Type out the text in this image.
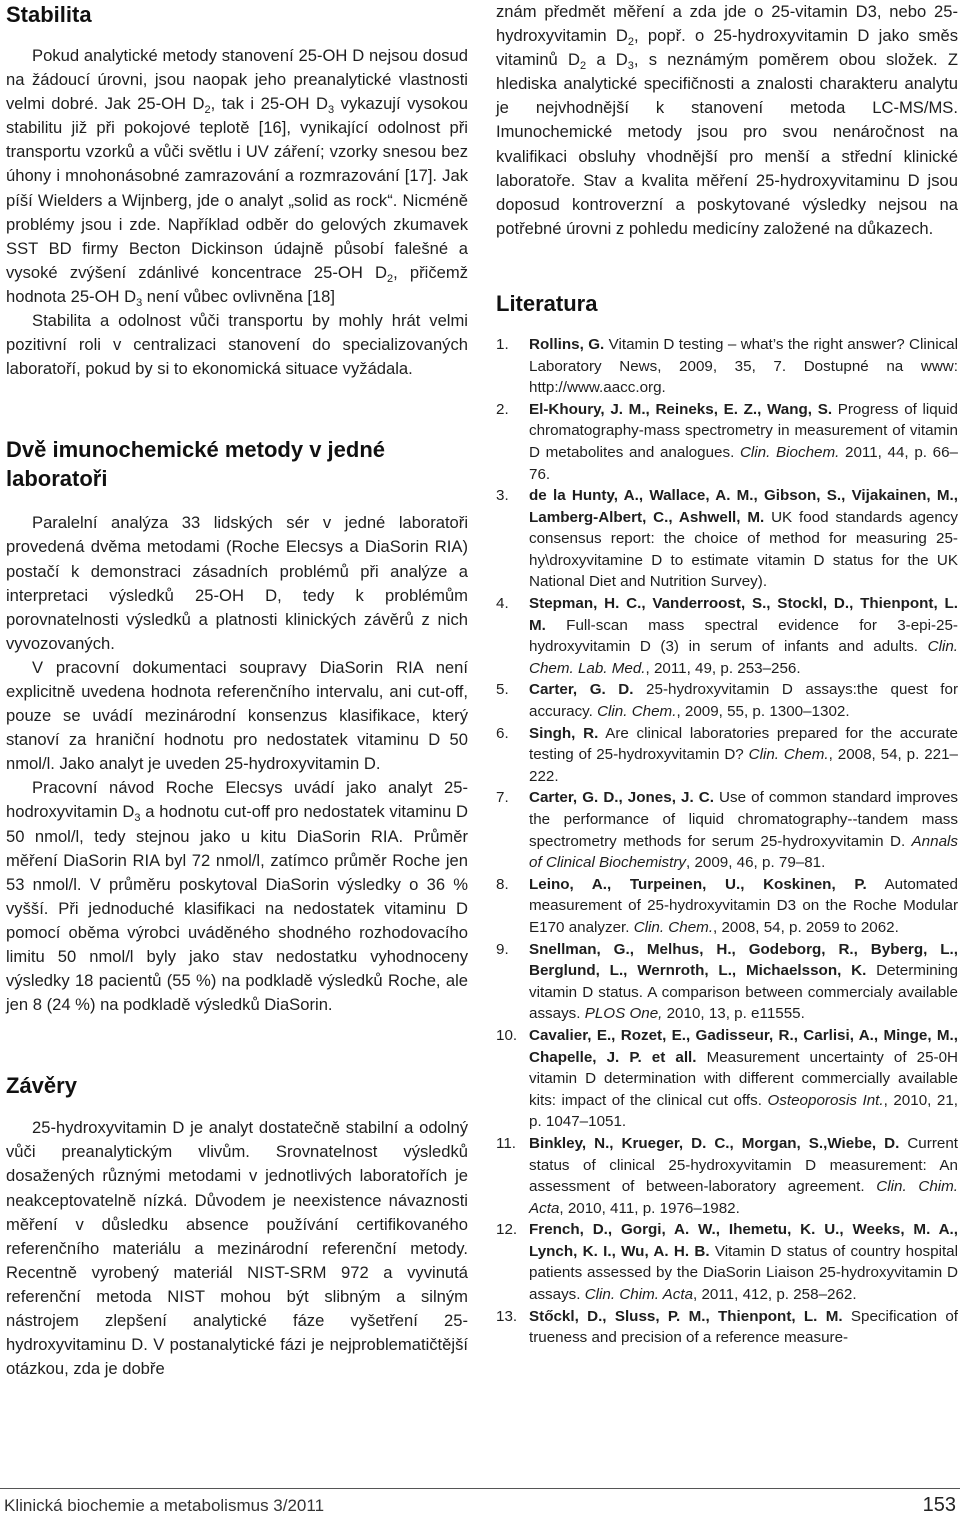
Stabilita

Pokud analytické metody stanovení 25-OH D nejsou dosud na žádoucí úrovni, jsou naopak jeho preanalytické vlastnosti velmi dobré. Jak 25-OH $D_2$, tak i 25-OH $D_3$ vykazují vysokou stabilitu již při pokojové teplotě [16], vynikající odolnost při transportu vzorků a vůči světlu i UV záření; vzorky snesou bez úhony i mnohonásobné zamrazování a rozmrazování [17]. Jak píší Wielders a Wijnberg, jde o analyt „solid as rock“. Nicméně problémy jsou i zde. Například odběr do gelových zkumavek SST BD firmy Becton Dickinson údajně působí falešné a vysoké zvýšení zdánlivé koncentrace 25-OH $D_2$, přičemž hodnota 25-OH $D_3$ není vůbec ovlivněna [18]

Stabilita a odolnost vůči transportu by mohly hrát velmi pozitivní roli v centralizaci stanovení do specializovaných laboratoří, pokud by si to ekonomická situace vyžádala.

Dvě imunochemické metody v jedné laboratoři

Paralelní analýza 33 lidských sér v jedné laboratoři provedená dvěma metodami (Roche Elecsys a DiaSorin RIA) postačí k demonstraci zásadních problémů při analýze a interpretaci výsledků 25-OH D, tedy k problémům porovnatelnosti výsledků a platnosti klinických závěrů z nich vyvozovaných.

V pracovní dokumentaci soupravy DiaSorin RIA není explicitně uvedena hodnota referenčního intervalu, ani cut-off, pouze se uvádí mezinárodní konsenzus klasifikace, který stanoví za hraniční hodnotu pro nedostatek vitaminu D 50 nmol/l. Jako analyt je uveden 25-hydroxyvitamin D.

Pracovní návod Roche Elecsys uvádí jako analyt 25-hodroxyvitamin $D_3$ a hodnotu cut-off pro nedostatek vitaminu D 50 nmol/l, tedy stejnou jako u kitu DiaSorin RIA. Průměr měření DiaSorin RIA byl 72 nmol/l, zatímco průměr Roche jen 53 nmol/l. V průměru poskytoval DiaSorin výsledky o 36 % vyšší. Při jednoduché klasifikaci na nedostatek vitaminu D pomocí oběma výrobci uváděného shodného rozhodovacího limitu 50 nmol/l byly jako stav nedostatku vyhodnoceny výsledky 18 pacientů (55 %) na podkladě výsledků Roche, ale jen 8 (24 %) na podkladě výsledků DiaSorin.

Závěry

25-hydroxyvitamin D je analyt dostatečně stabilní a odolný vůči preanalytickým vlivům. Srovnatelnost výsledků dosažených různými metodami v jednotlivých laboratořích je neakceptovatelně nízká. Důvodem je neexistence návaznosti měření v důsledku absence používání certifikovaného referenčního materiálu a mezinárodní referenční metody. Recentně vyrobený materiál NIST-SRM 972 a vyvinutá referenční metoda NIST mohou být slibným a silným nástrojem zlepšení analytické fáze vyšetření 25-hydroxyvitaminu D. V postanalytické fázi je nejproblematičtější otázkou, zda je dobře

znám předmět měření a zda jde o 25-vitamin D3, nebo 25-hydroxyvitamin $D_2$, popř. o 25-hydroxyvitamin D jako směs vitaminů $D_2$ a $D_3$, s neznámým poměrem obou složek. Z hlediska analytické specifičnosti a znalosti charakteru analytu je nejvhodnější k stanovení metoda LC-MS/MS. Imunochemické metody jsou pro svou nenáročnost na kvalifikaci obsluhy vhodnější pro menší a střední klinické laboratoře. Stav a kvalita měření 25-hydroxyvitaminu D jsou doposud kontroverzní a poskytované výsledky nejsou na potřebné úrovni z pohledu medicíny založené na důkazech.

Literatura
1. Rollins, G. Vitamin D testing – what’s the right answer? Clinical Laboratory News, 2009, 35, 7. Dostupné na www: http://www.aacc.org.
2. El-Khoury, J. M., Reineks, E. Z., Wang, S. Progress of liquid chromatography-mass spectrometry in measurement of vitamin D metabolites and analogues. Clin. Biochem. 2011, 44, p. 66–76.
3. de la Hunty, A., Wallace, A. M., Gibson, S., Vijakainen, M., Lamberg-Albert, C., Ashwell, M. UK food standards agency consensus report: the choice of method for measuring 25-hy\droxyvitamine D to estimate vitamin D status for the UK National Diet and Nutrition Survey).
4. Stepman, H. C., Vanderroost, S., Stockl, D., Thienpont, L. M. Full-scan mass spectral evidence for 3-epi-25-hydroxyvitamin D (3) in serum of infants and adults. Clin. Chem. Lab. Med., 2011, 49, p. 253–256.
5. Carter, G. D. 25-hydroxyvitamin D assays:the quest for accuracy. Clin. Chem., 2009, 55, p. 1300–1302.
6. Singh, R. Are clinical laboratories prepared for the accurate testing of 25-hydroxyvitamin D? Clin. Chem., 2008, 54, p. 221–222.
7. Carter, G. D., Jones, J. C. Use of common standard improves the performance of liquid chromatography--tandem mass spectrometry methods for serum 25-hydroxyvitamin D. Annals of Clinical Biochemistry, 2009, 46, p. 79–81.
8. Leino, A., Turpeinen, U., Koskinen, P. Automated measurement of 25-hydroxyvitamin D3 on the Roche Modular E170 analyzer. Clin. Chem., 2008, 54, p. 2059 to 2062.
9. Snellman, G., Melhus, H., Godeborg, R., Byberg, L., Berglund, L., Wernroth, L., Michaelsson, K. Determining vitamin D status. A comparison between commercialy available assays. PLOS One, 2010, 13, p. e11555.
10. Cavalier, E., Rozet, E., Gadisseur, R., Carlisi, A., Minge, M., Chapelle, J. P. et all. Measurement uncertainty of 25-0H vitamin D determination with different commercially available kits: impact of the clinical cut offs. Osteoporosis Int., 2010, 21, p. 1047–1051.
11. Binkley, N., Krueger, D. C., Morgan, S.,Wiebe, D. Current status of clinical 25-hydroxyvitamin D measurement: An assessment of between-laboratory agreement. Clin. Chim. Acta, 2010, 411, p. 1976–1982.
12. French, D., Gorgi, A. W., Ihemetu, K. U., Weeks, M. A., Lynch, K. I., Wu, A. H. B. Vitamin D status of country hospital patients assessed by the DiaSorin Liaison 25-hydroxyvitamin D assays. Clin. Chim. Acta, 2011, 412, p. 258–262.
13. Stőckl, D., Sluss, P. M., Thienpont, L. M. Specification of trueness and precision of a reference measure-
Klinická biochemie a metabolismus 3/2011	153
